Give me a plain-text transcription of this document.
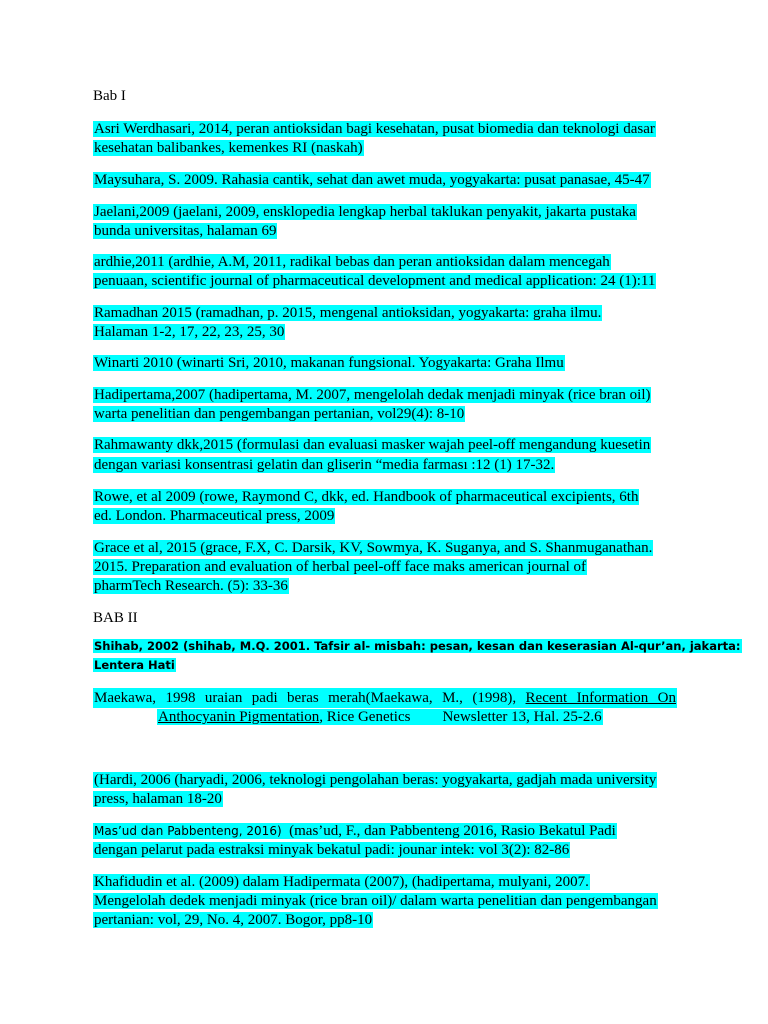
Bab I
Asri Werdhasari, 2014, peran antioksidan bagi kesehatan, pusat biomedia dan teknologi dasar
kesehatan balibankes, kemenkes RI (naskah)
Maysuhara, S. 2009. Rahasia cantik, sehat dan awet muda, yogyakarta: pusat panasae, 45-47
Jaelani,2009 (jaelani, 2009, ensklopedia lengkap herbal taklukan penyakit, jakarta pustaka
bunda universitas, halaman 69
ardhie,2011 (ardhie, A.M, 2011, radikal bebas dan peran antioksidan dalam mencegah
penuaan, scientific journal of pharmaceutical development and medical application: 24 (1):11
Ramadhan 2015 (ramadhan, p. 2015, mengenal antioksidan, yogyakarta: graha ilmu.
Halaman 1-2, 17, 22, 23, 25, 30
Winarti 2010 (winarti Sri, 2010, makanan fungsional. Yogyakarta: Graha Ilmu
Hadipertama,2007 (hadipertama, M. 2007, mengelolah dedak menjadi minyak (rice bran oil)
warta penelitian dan pengembangan pertanian, vol29(4): 8-10
Rahmawanty dkk,2015 (formulasi dan evaluasi masker wajah peel-off mengandung kuesetin
dengan variasi konsentrasi gelatin dan gliserin “media farması :12 (1) 17-32.
Rowe, et al 2009 (rowe, Raymond C, dkk, ed. Handbook of pharmaceutical excipients, 6th
ed. London. Pharmaceutical press, 2009
Grace et al, 2015 (grace, F.X, C. Darsik, KV, Sowmya, K. Suganya, and S. Shanmuganathan.
2015. Preparation and evaluation of herbal peel-off face maks american journal of
pharmTech Research. (5): 33-36
BAB II
Shihab, 2002 (shihab, M.Q. 2001. Tafsir al- misbah: pesan, kesan dan keserasian Al-qur’an, jakarta:
Lentera Hati
Maekawa, 1998 uraian padi beras merah(Maekawa, M., (1998), Recent Information On
Anthocyanin Pigmentation, Rice Genetics Newsletter 13, Hal. 25-2.6
(Hardi, 2006 (haryadi, 2006, teknologi pengolahan beras: yogyakarta, gadjah mada university
press, halaman 18-20
Mas’ud dan Pabbenteng, 2016) (mas’ud, F., dan Pabbenteng 2016, Rasio Bekatul Padi
dengan pelarut pada estraksi minyak bekatul padi: jounar intek: vol 3(2): 82-86
Khafidudin et al. (2009) dalam Hadipermata (2007), (hadipertama, mulyani, 2007.
Mengelolah dedek menjadi minyak (rice bran oil)/ dalam warta penelitian dan pengembangan
pertanian: vol, 29, No. 4, 2007. Bogor, pp8-10
